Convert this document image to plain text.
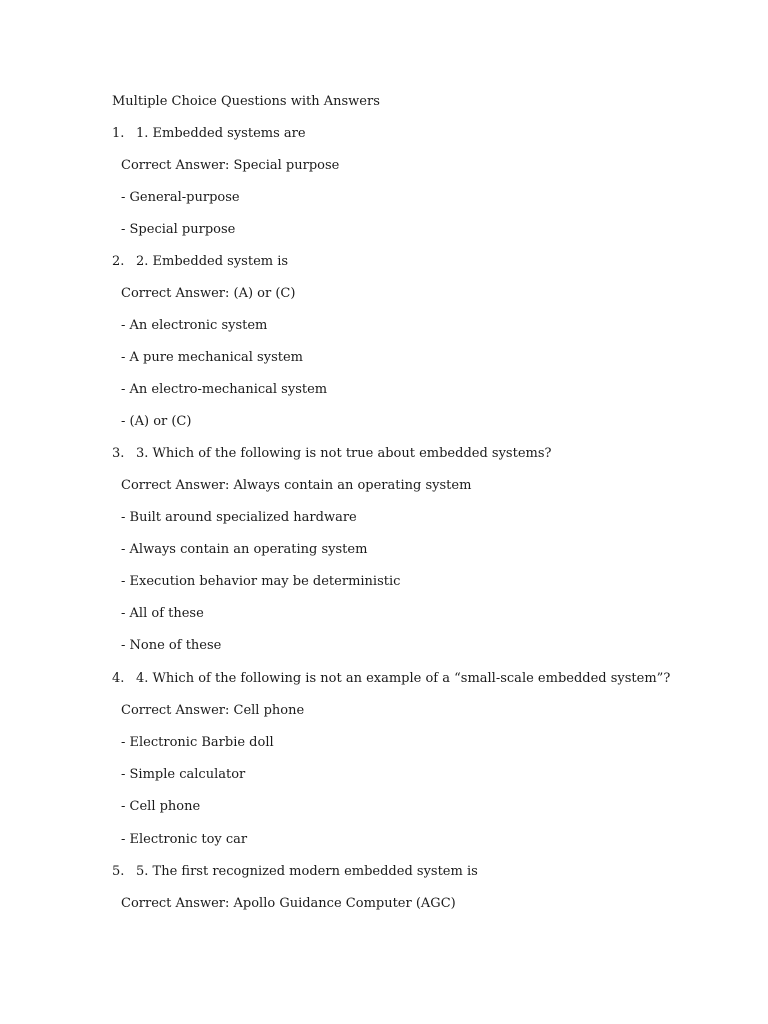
Multiple Choice Questions with Answers
1. 1. Embedded systems are
Correct Answer: Special purpose
- General-purpose
- Special purpose
2. 2. Embedded system is
Correct Answer: (A) or (C)
- An electronic system
- A pure mechanical system
- An electro-mechanical system
- (A) or (C)
3. 3. Which of the following is not true about embedded systems?
Correct Answer: Always contain an operating system
- Built around specialized hardware
- Always contain an operating system
- Execution behavior may be deterministic
- All of these
- None of these
4. 4. Which of the following is not an example of a “small-scale embedded system”?
Correct Answer: Cell phone
- Electronic Barbie doll
- Simple calculator
- Cell phone
- Electronic toy car
5. 5. The first recognized modern embedded system is
Correct Answer: Apollo Guidance Computer (AGC)
